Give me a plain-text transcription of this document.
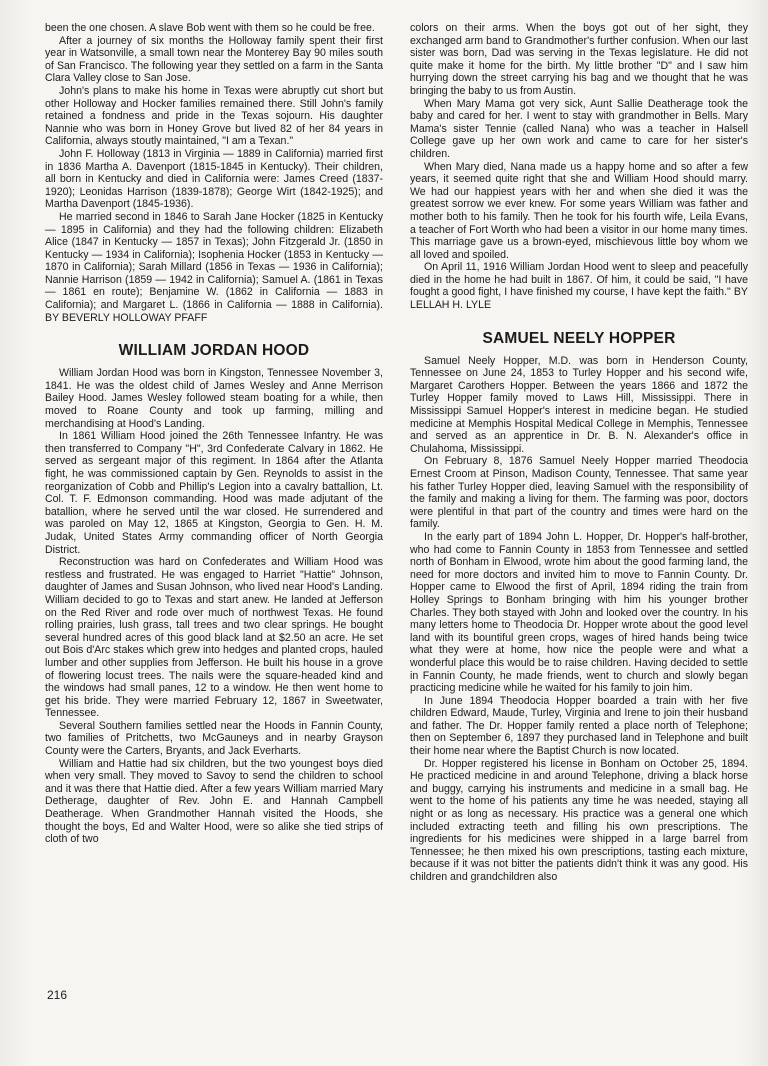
been the one chosen. A slave Bob went with them so he could be free.

After a journey of six months the Holloway family spent their first year in Watsonville, a small town near the Monterey Bay 90 miles south of San Francisco. The following year they settled on a farm in the Santa Clara Valley close to San Jose.

John's plans to make his home in Texas were abruptly cut short but other Holloway and Hocker families remained there. Still John's family retained a fondness and pride in the Texas sojourn. His daughter Nannie who was born in Honey Grove but lived 82 of her 84 years in California, always stoutly maintained, "I am a Texan."

John F. Holloway (1813 in Virginia — 1889 in California) married first in 1836 Martha A. Davenport (1815-1845 in Kentucky). Their children, all born in Kentucky and died in California were: James Creed (1837-1920); Leonidas Harrison (1839-1878); George Wirt (1842-1925); and Martha Davenport (1845-1936).

He married second in 1846 to Sarah Jane Hocker (1825 in Kentucky — 1895 in California) and they had the following children: Elizabeth Alice (1847 in Kentucky — 1857 in Texas); John Fitzgerald Jr. (1850 in Kentucky — 1934 in California); Isophenia Hocker (1853 in Kentucky — 1870 in California); Sarah Millard (1856 in Texas — 1936 in California); Nannie Harrison (1859 — 1942 in California); Samuel A. (1861 in Texas — 1861 en route); Benjamine W. (1862 in California — 1883 in California); and Margaret L. (1866 in California — 1888 in California). BY BEVERLY HOLLOWAY PFAFF

WILLIAM JORDAN HOOD

William Jordan Hood was born in Kingston, Tennessee November 3, 1841. He was the oldest child of James Wesley and Anne Merrison Bailey Hood. James Wesley followed steam boating for a while, then moved to Roane County and took up farming, milling and merchandising at Hood's Landing.

In 1861 William Hood joined the 26th Tennessee Infantry. He was then transferred to Company "H", 3rd Confederate Calvary in 1862. He served as sergeant major of this regiment. In 1864 after the Atlanta fight, he was commissioned captain by Gen. Reynolds to assist in the reorganization of Cobb and Phillip's Legion into a cavalry battallion, Lt. Col. T. F. Edmonson commanding. Hood was made adjutant of the batallion, where he served until the war closed. He surrendered and was paroled on May 12, 1865 at Kingston, Georgia to Gen. H. M. Judak, United States Army commanding officer of North Georgia District.

Reconstruction was hard on Confederates and William Hood was restless and frustrated. He was engaged to Harriet "Hattie" Johnson, daughter of James and Susan Johnson, who lived near Hood's Landing. William decided to go to Texas and start anew. He landed at Jefferson on the Red River and rode over much of northwest Texas. He found rolling prairies, lush grass, tall trees and two clear springs. He bought several hundred acres of this good black land at $2.50 an acre. He set out Bois d'Arc stakes which grew into hedges and planted crops, hauled lumber and other supplies from Jefferson. He built his house in a grove of flowering locust trees. The nails were the square-headed kind and the windows had small panes, 12 to a window. He then went home to get his bride. They were married February 12, 1867 in Sweetwater, Tennessee.

Several Southern families settled near the Hoods in Fannin County, two families of Pritchetts, two McGauneys and in nearby Grayson County were the Carters, Bryants, and Jack Everharts.

William and Hattie had six children, but the two youngest boys died when very small. They moved to Savoy to send the children to school and it was there that Hattie died. After a few years William married Mary Detherage, daughter of Rev. John E. and Hannah Campbell Deatherage. When Grandmother Hannah visited the Hoods, she thought the boys, Ed and Walter Hood, were so alike she tied strips of cloth of two

colors on their arms. When the boys got out of her sight, they exchanged arm band to Grandmother's further confusion. When our last sister was born, Dad was serving in the Texas legislature. He did not quite make it home for the birth. My little brother "D" and I saw him hurrying down the street carrying his bag and we thought that he was bringing the baby to us from Austin.

When Mary Mama got very sick, Aunt Sallie Deatherage took the baby and cared for her. I went to stay with grandmother in Bells. Mary Mama's sister Tennie (called Nana) who was a teacher in Halsell College gave up her own work and came to care for her sister's children.

When Mary died, Nana made us a happy home and so after a few years, it seemed quite right that she and William Hood should marry. We had our happiest years with her and when she died it was the greatest sorrow we ever knew. For some years William was father and mother both to his family. Then he took for his fourth wife, Leila Evans, a teacher of Fort Worth who had been a visitor in our home many times. This marriage gave us a brown-eyed, mischievous little boy whom we all loved and spoiled.

On April 11, 1916 William Jordan Hood went to sleep and peacefully died in the home he had built in 1867. Of him, it could be said, "I have fought a good fight, I have finished my course, I have kept the faith." BY LELLAH H. LYLE

SAMUEL NEELY HOPPER

Samuel Neely Hopper, M.D. was born in Henderson County, Tennessee on June 24, 1853 to Turley Hopper and his second wife, Margaret Carothers Hopper. Between the years 1866 and 1872 the Turley Hopper family moved to Laws Hill, Mississippi. There in Mississippi Samuel Hopper's interest in medicine began. He studied medicine at Memphis Hospital Medical College in Memphis, Tennessee and served as an apprentice in Dr. B. N. Alexander's office in Chulahoma, Mississippi.

On February 8, 1876 Samuel Neely Hopper married Theodocia Ernest Croom at Pinson, Madison County, Tennessee. That same year his father Turley Hopper died, leaving Samuel with the responsibility of the family and making a living for them. The farming was poor, doctors were plentiful in that part of the country and times were hard on the family.

In the early part of 1894 John L. Hopper, Dr. Hopper's half-brother, who had come to Fannin County in 1853 from Tennessee and settled north of Bonham in Elwood, wrote him about the good farming land, the need for more doctors and invited him to move to Fannin County. Dr. Hopper came to Elwood the first of April, 1894 riding the train from Holley Springs to Bonham bringing with him his younger brother Charles. They both stayed with John and looked over the country. In his many letters home to Theodocia Dr. Hopper wrote about the good level land with its bountiful green crops, wages of hired hands being twice what they were at home, how nice the people were and what a wonderful place this would be to raise children. Having decided to settle in Fannin County, he made friends, went to church and slowly began practicing medicine while he waited for his family to join him.

In June 1894 Theodocia Hopper boarded a train with her five children Edward, Maude, Turley, Virginia and Irene to join their husband and father. The Dr. Hopper family rented a place north of Telephone; then on September 6, 1897 they purchased land in Telephone and built their home near where the Baptist Church is now located.

Dr. Hopper registered his license in Bonham on October 25, 1894. He practiced medicine in and around Telephone, driving a black horse and buggy, carrying his instruments and medicine in a small bag. He went to the home of his patients any time he was needed, staying all night or as long as necessary. His practice was a general one which included extracting teeth and filling his own prescriptions. The ingredients for his medicines were shipped in a large barrel from Tennessee; he then mixed his own prescriptions, tasting each mixture, because if it was not bitter the patients didn't think it was any good. His children and grandchildren also

216
